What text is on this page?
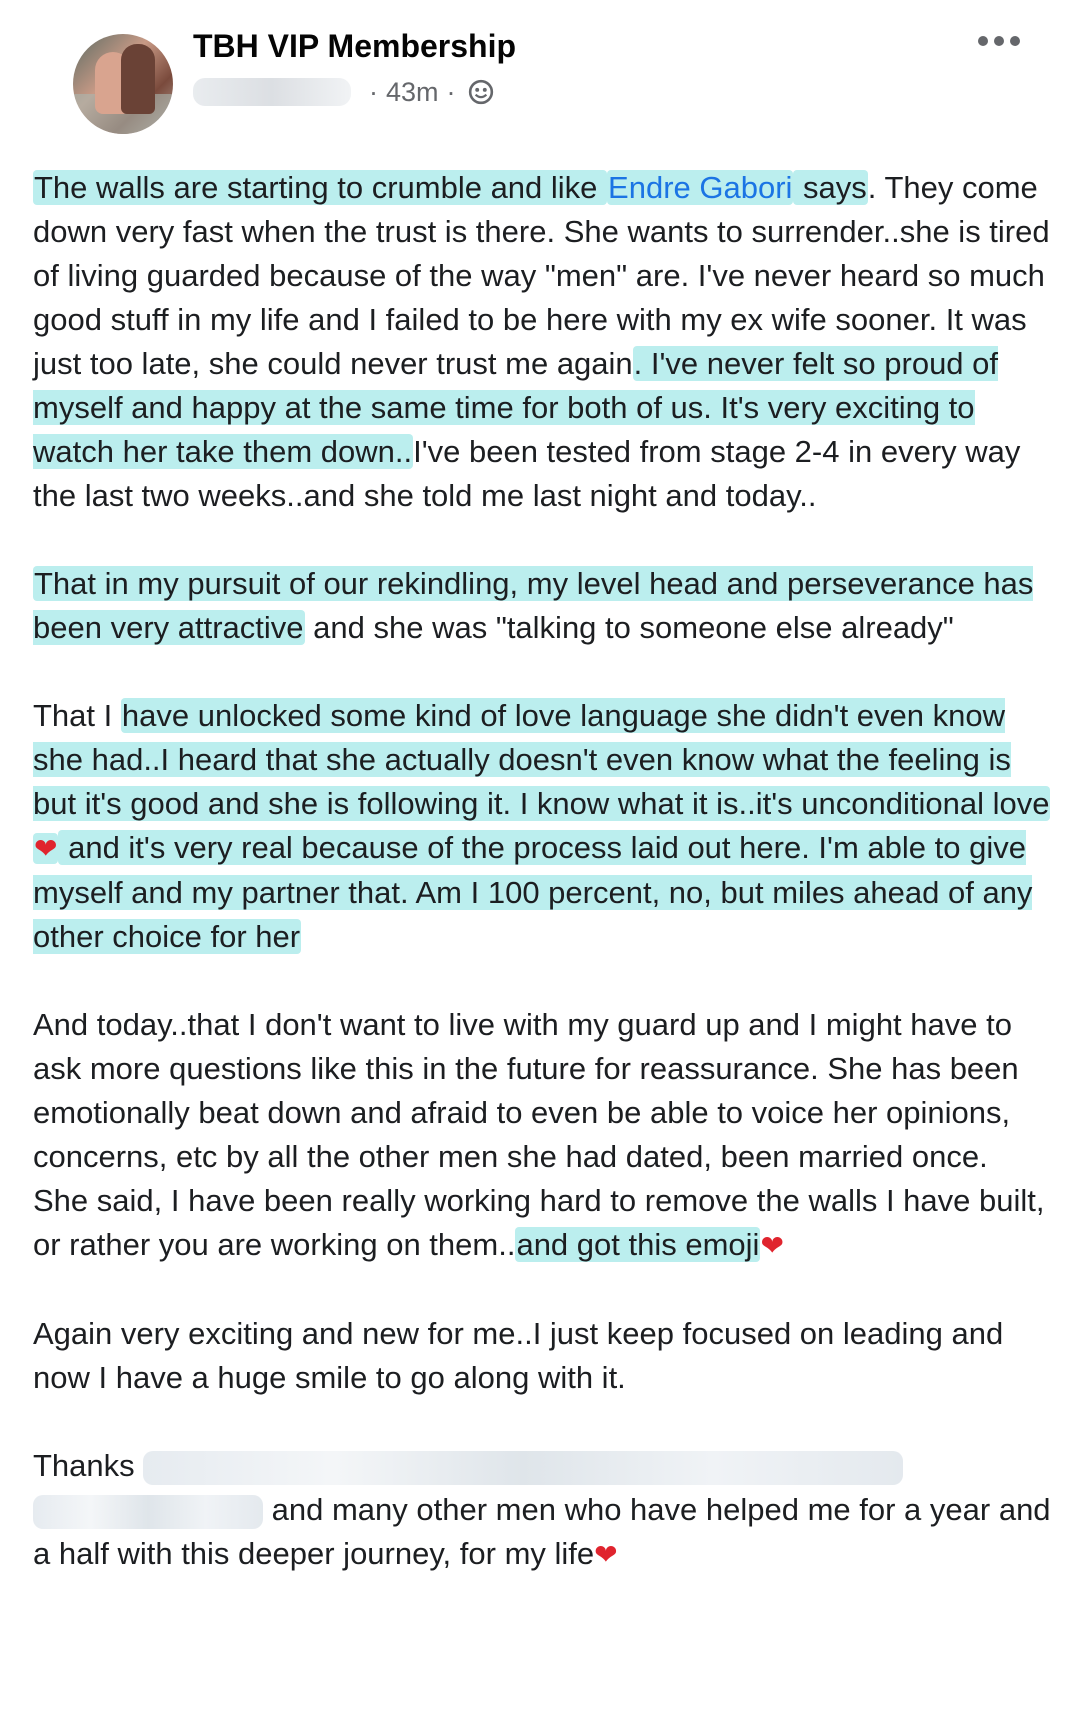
TBH VIP Membership
· 43m ·

The walls are starting to crumble and like Endre Gabori says. They come down very fast when the trust is there. She wants to surrender..she is tired of living guarded because of the way "men" are. I've never heard so much good stuff in my life and I failed to be here with my ex wife sooner. It was just too late, she could never trust me again. I've never felt so proud of myself and happy at the same time for both of us. It's very exciting to watch her take them down..I've been tested from stage 2-4 in every way the last two weeks..and she told me last night and today..

That in my pursuit of our rekindling, my level head and perseverance has been very attractive and she was "talking to someone else already"

That I have unlocked some kind of love language she didn't even know she had..I heard that she actually doesn't even know what the feeling is but it's good and she is following it. I know what it is..it's unconditional love❤ and it's very real because of the process laid out here. I'm able to give myself and my partner that. Am I 100 percent, no, but miles ahead of any other choice for her

And today..that I don't want to live with my guard up and I might have to ask more questions like this in the future for reassurance. She has been emotionally beat down and afraid to even be able to voice her opinions, concerns, etc by all the other men she had dated, been married once.

She said, I have been really working hard to remove the walls I have built, or rather you are working on them..and got this emoji❤

Again very exciting and new for me..I just keep focused on leading and now I have a huge smile to go along with it.

Thanks   and many other men who have helped me for a year and a half with this deeper journey, for my life❤
